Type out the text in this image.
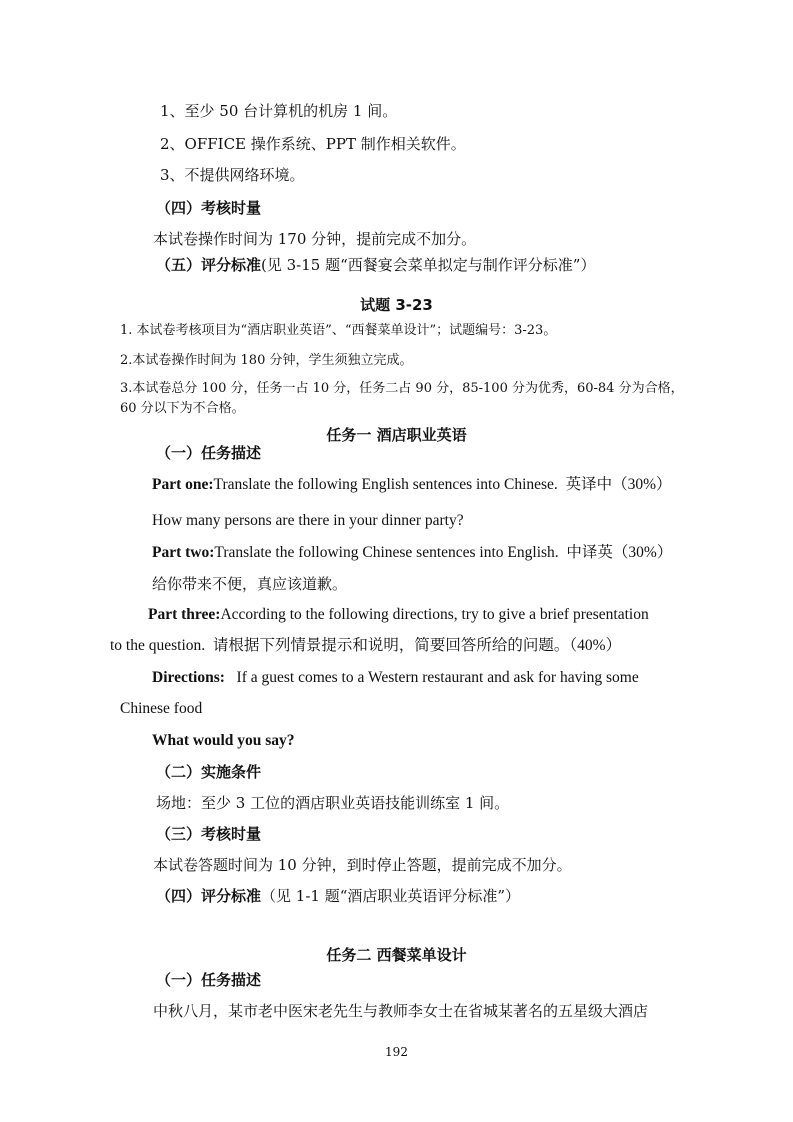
1、至少 50 台计算机的机房 1 间。
2、OFFICE 操作系统、PPT 制作相关软件。
3、不提供网络环境。
（四）考核时量
本试卷操作时间为 170 分钟，提前完成不加分。
（五）评分标准(见 3-15 题“西餐宴会菜单拟定与制作评分标准”）
试题 3-23
1. 本试卷考核项目为“酒店职业英语”、“西餐菜单设计”；试题编号：3-23。
2.本试卷操作时间为 180 分钟，学生须独立完成。
3.本试卷总分 100 分，任务一占 10 分，任务二占 90 分，85-100 分为优秀，60-84 分为合格，
60 分以下为不合格。
任务一 酒店职业英语
（一）任务描述
Part one:Translate the following English sentences into Chinese. 英译中（30%）
How many persons are there in your dinner party?
Part two:Translate the following Chinese sentences into English. 中译英（30%）
给你带来不便，真应该道歉。
Part three:According to the following directions, try to give a brief presentation
to the question. 请根据下列情景提示和说明，简要回答所给的问题。（40%）
Directions: If a guest comes to a Western restaurant and ask for having some
Chinese food
What would you say?
（二）实施条件
场地：至少 3 工位的酒店职业英语技能训练室 1 间。
（三）考核时量
本试卷答题时间为 10 分钟，到时停止答题，提前完成不加分。
（四）评分标准（见 1-1 题“酒店职业英语评分标准”）
任务二 西餐菜单设计
（一）任务描述
中秋八月，某市老中医宋老先生与教师李女士在省城某著名的五星级大酒店
192
